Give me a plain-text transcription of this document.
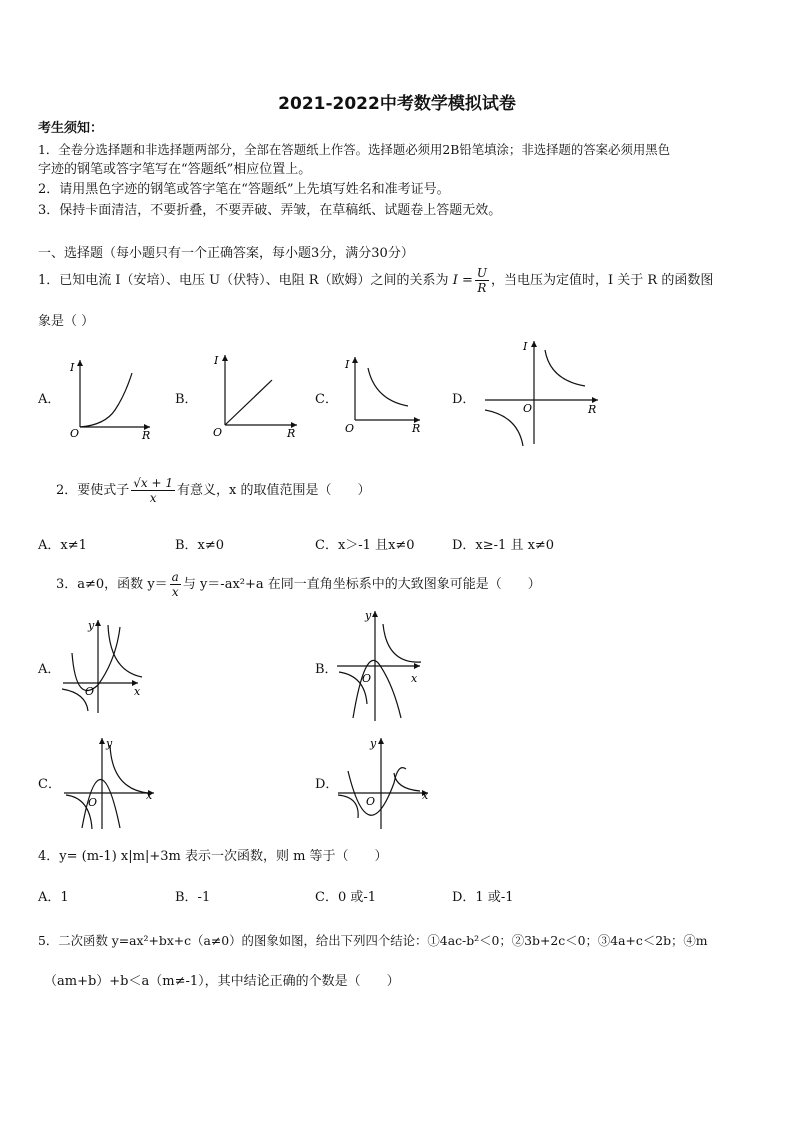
2021-2022中考数学模拟试卷
考生须知：
1．全卷分选择题和非选择题两部分，全部在答题纸上作答。选择题必须用2B铅笔填涂；非选择题的答案必须用黑色
字迹的钢笔或答字笔写在“答题纸”相应位置上。
2．请用黑色字迹的钢笔或答字笔在“答题纸”上先填写姓名和准考证号。
3．保持卡面清洁，不要折叠，不要弄破、弄皱，在草稿纸、试题卷上答题无效。
一、选择题（每小题只有一个正确答案，每小题3分，满分30分）
1．已知电流 I（安培）、电压 U（伏特）、电阻 R（欧姆）之间的关系为 $I = \frac{U}{R}$ ，当电压为定值时，I 关于 R 的函数图
象是（ ）
A．	B．	C．	D．
O
I
R	O
I
R	O
I
R
O
I
R
2．要使式子 $\frac{√x + 1}{x}$ 有意义，x 的取值范围是（　　）
A．x≠1	B．x≠0	C．x＞-1 且x≠0	D．x≥-1 且 x≠0
3．a≠0，函数 $y= \frac{a}{x}$ 与 y＝-ax²+a 在同一直角坐标系中的大致图象可能是（　　）
A．	B．
C．	D．
O
y
x
O
y
x
O
y
x	O
y
x
4．y= (m-1) x|m|+3m 表示一次函数，则 m 等于（　　）
A．1	B．-1	C．0 或-1	D．1 或-1
5．二次函数 y=ax²+bx+c（a≠0）的图象如图，给出下列四个结论：①4ac-b²＜0；②3b+2c＜0；③4a+c＜2b；④m
（am+b）+b＜a（m≠-1），其中结论正确的个数是（　　）
